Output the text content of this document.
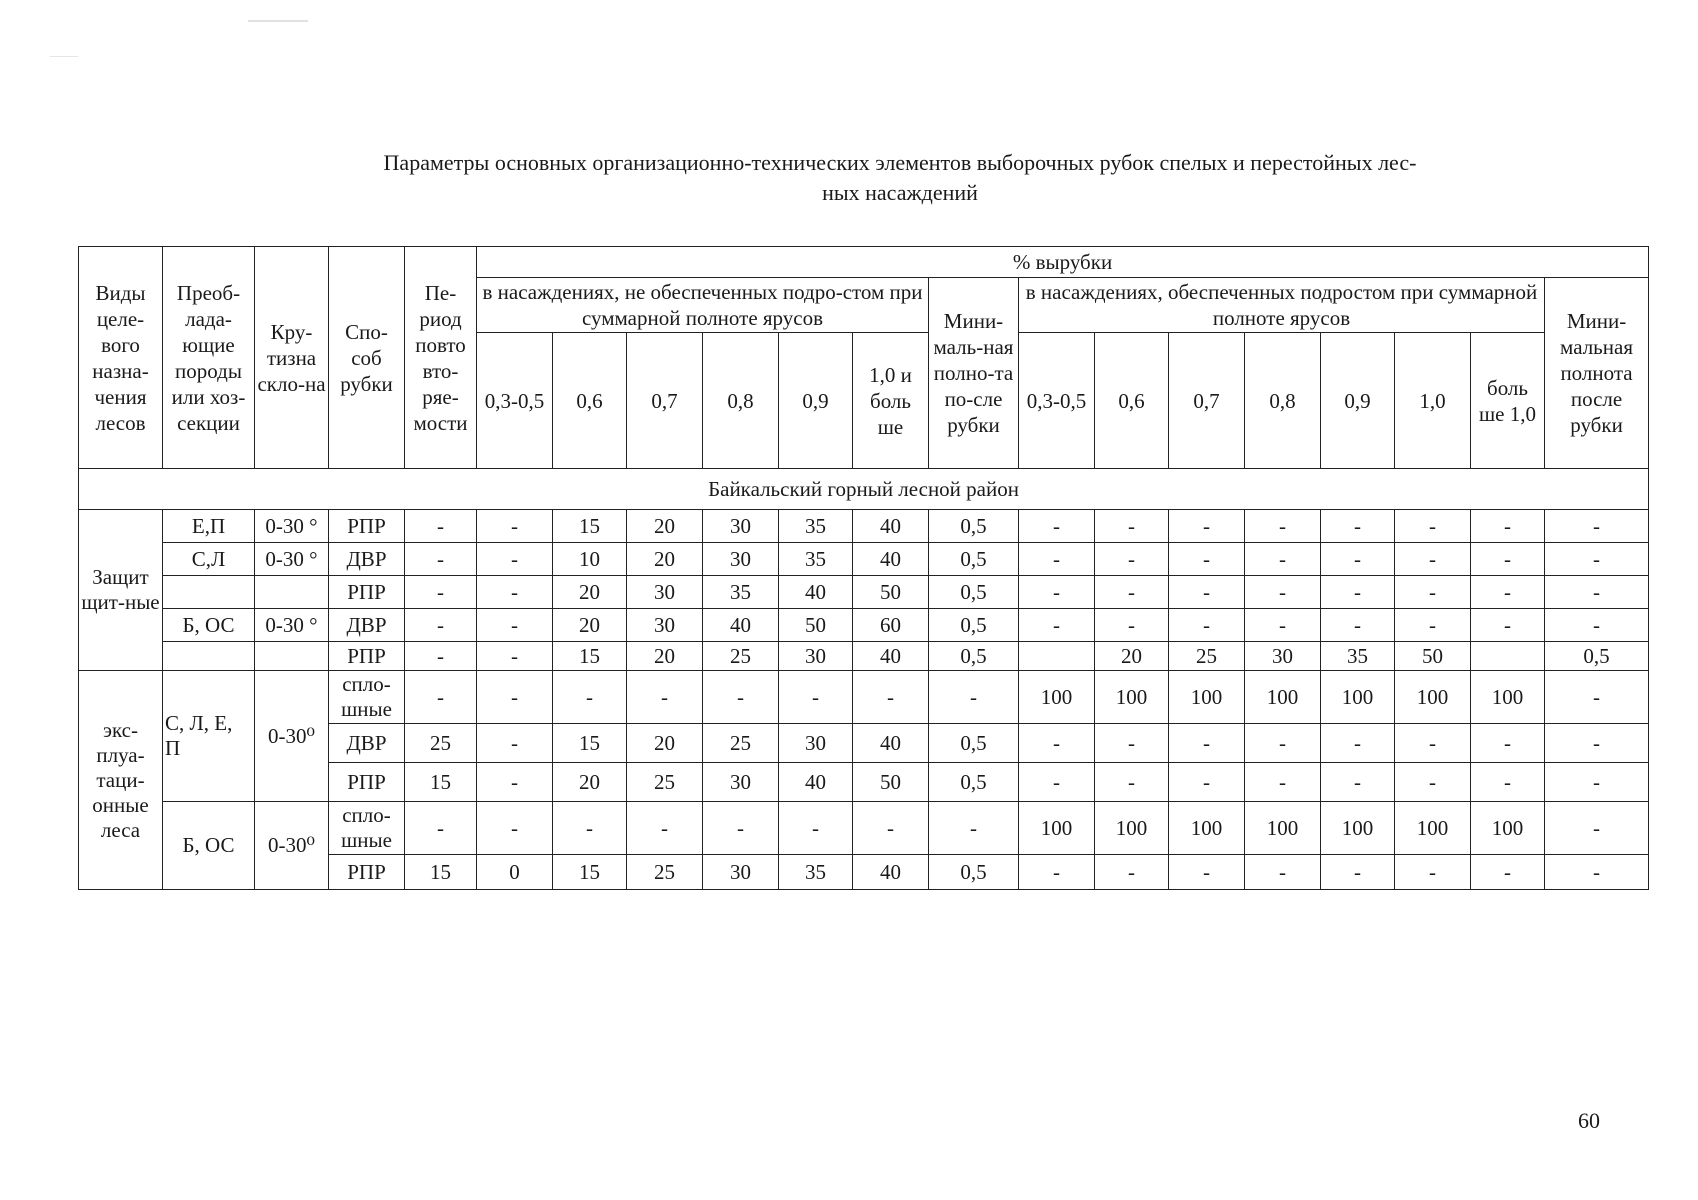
Параметры основных организационно-технических элементов выборочных рубок спелых и перестойных лес-
ных насаждений
Виды целе-вого назна-чения лесов	Преоб-лада-ющие породы или хоз-секции	Кру-тизна скло-на	Спо-соб рубки	Пе-риод повто вто-ряе-мости	% вырубки														
					в насаждениях, не обеспеченных подро-стом при суммарной полноте ярусов						Мини-маль-ная полно-та по-сле рубки	в насаждениях, обеспеченных подростом при суммарной полноте ярусов							Мини-мальная полнота после рубки
					0,3-0,5	0,6	0,7	0,8	0,9	1,0 и боль ше		0,3-0,5	0,6	0,7	0,8	0,9	1,0	боль ше 1,0	
Байкальский горный лесной район																			
Защит щит-ные	Е,П	0-30 °	РПР	-	-	15	20	30	35	40	0,5	-	-	-	-	-	-	-	-
	С,Л	0-30 °	ДВР	-	-	10	20	30	35	40	0,5	-	-	-	-	-	-	-	-
			РПР	-	-	20	30	35	40	50	0,5	-	-	-	-	-	-	-	-
	Б, ОС	0-30 °	ДВР	-	-	20	30	40	50	60	0,5	-	-	-	-	-	-	-	-
			РПР	-	-	15	20	25	30	40	0,5		20	25	30	35	50		0,5
экс-плуа-таци-онные леса	С, Л, Е, П	0-30⁰	спло-шные	-	-	-	-	-	-	-	-	100	100	100	100	100	100	100	-
			ДВР	25	-	15	20	25	30	40	0,5	-	-	-	-	-	-	-	-
			РПР	15	-	20	25	30	40	50	0,5	-	-	-	-	-	-	-	-
	Б, ОС	0-30⁰	спло-шные	-	-	-	-	-	-	-	-	100	100	100	100	100	100	100	-
			РПР	15	0	15	25	30	35	40	0,5	-	-	-	-	-	-	-	-
60
